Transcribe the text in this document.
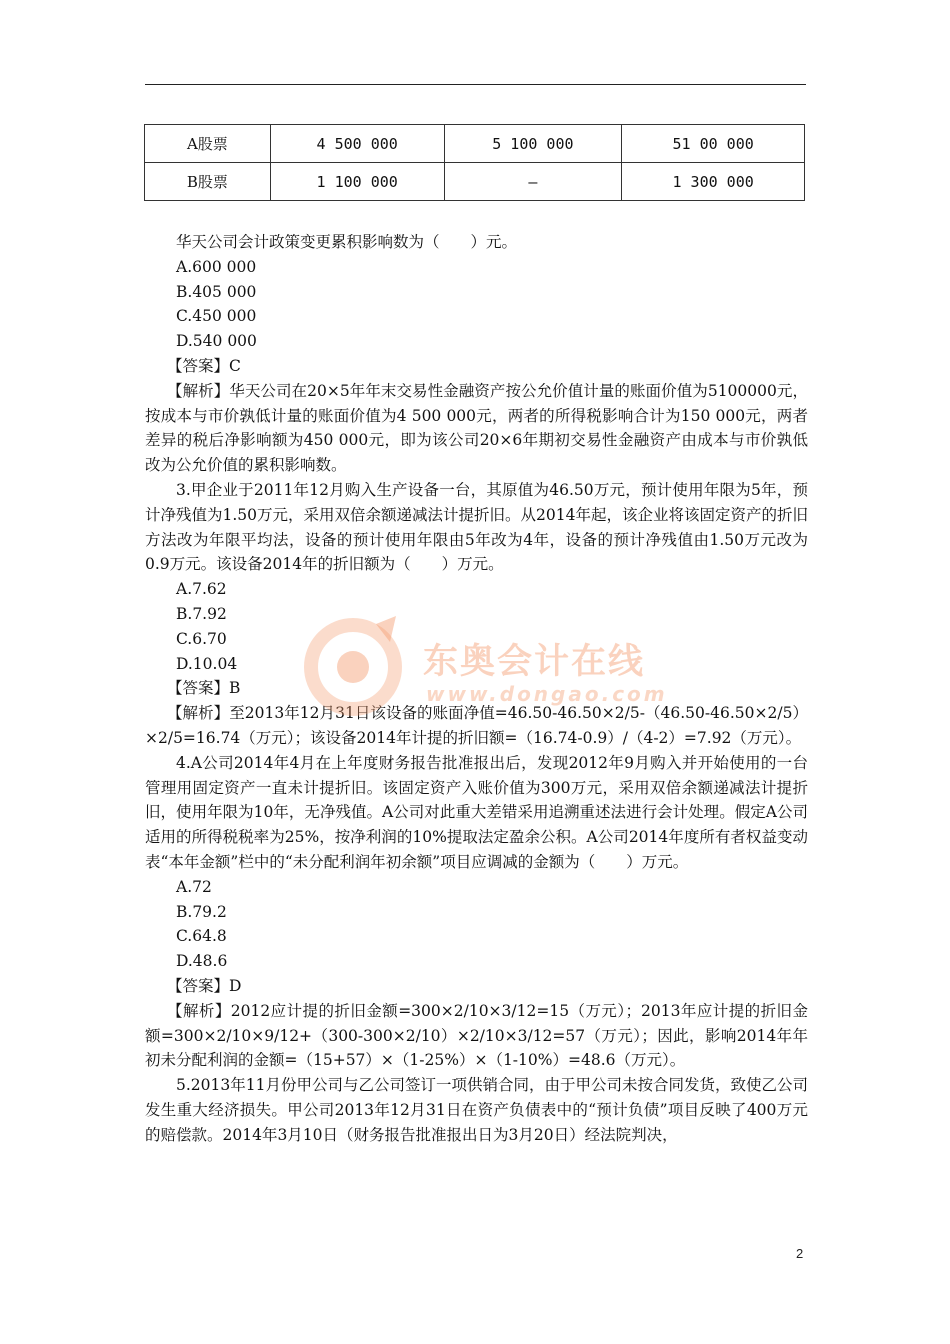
A股票	4 500 000	5 100 000	51 00 000
B股票	1 100 000	—	1 300 000

华天公司会计政策变更累积影响数为（　　）元。

A.600 000

B.405 000

C.450 000

D.540 000

【答案】C

【解析】华天公司在20×5年年末交易性金融资产按公允价值计量的账面价值为5100000元，按成本与市价孰低计量的账面价值为4 500 000元，两者的所得税影响合计为150 000元，两者差异的税后净影响额为450 000元，即为该公司20×6年期初交易性金融资产由成本与市价孰低改为公允价值的累积影响数。

3.甲企业于2011年12月购入生产设备一台，其原值为46.50万元，预计使用年限为5年，预计净残值为1.50万元，采用双倍余额递减法计提折旧。从2014年起，该企业将该固定资产的折旧方法改为年限平均法，设备的预计使用年限由5年改为4年，设备的预计净残值由1.50万元改为0.9万元。该设备2014年的折旧额为（　　）万元。

A.7.62

B.7.92

C.6.70

D.10.04

【答案】B

【解析】至2013年12月31日该设备的账面净值=46.50-46.50×2/5-（46.50-46.50×2/5）×2/5=16.74（万元）；该设备2014年计提的折旧额=（16.74-0.9）/（4-2）=7.92（万元）。

4.A公司2014年4月在上年度财务报告批准报出后，发现2012年9月购入并开始使用的一台管理用固定资产一直未计提折旧。该固定资产入账价值为300万元，采用双倍余额递减法计提折旧，使用年限为10年，无净残值。A公司对此重大差错采用追溯重述法进行会计处理。假定A公司适用的所得税税率为25%，按净利润的10%提取法定盈余公积。A公司2014年度所有者权益变动表“本年金额”栏中的“未分配利润年初余额”项目应调减的金额为（　　）万元。

A.72

B.79.2

C.64.8

D.48.6

【答案】D

【解析】2012应计提的折旧金额=300×2/10×3/12=15（万元）；2013年应计提的折旧金额=300×2/10×9/12+（300-300×2/10）×2/10×3/12=57（万元）；因此，影响2014年年初未分配利润的金额=（15+57）×（1-25%）×（1-10%）=48.6（万元）。

5.2013年11月份甲公司与乙公司签订一项供销合同，由于甲公司未按合同发货，致使乙公司发生重大经济损失。甲公司2013年12月31日在资产负债表中的“预计负债”项目反映了400万元的赔偿款。2014年3月10日（财务报告批准报出日为3月20日）经法院判决，

东奥会计在线
www.dongao.com
2
